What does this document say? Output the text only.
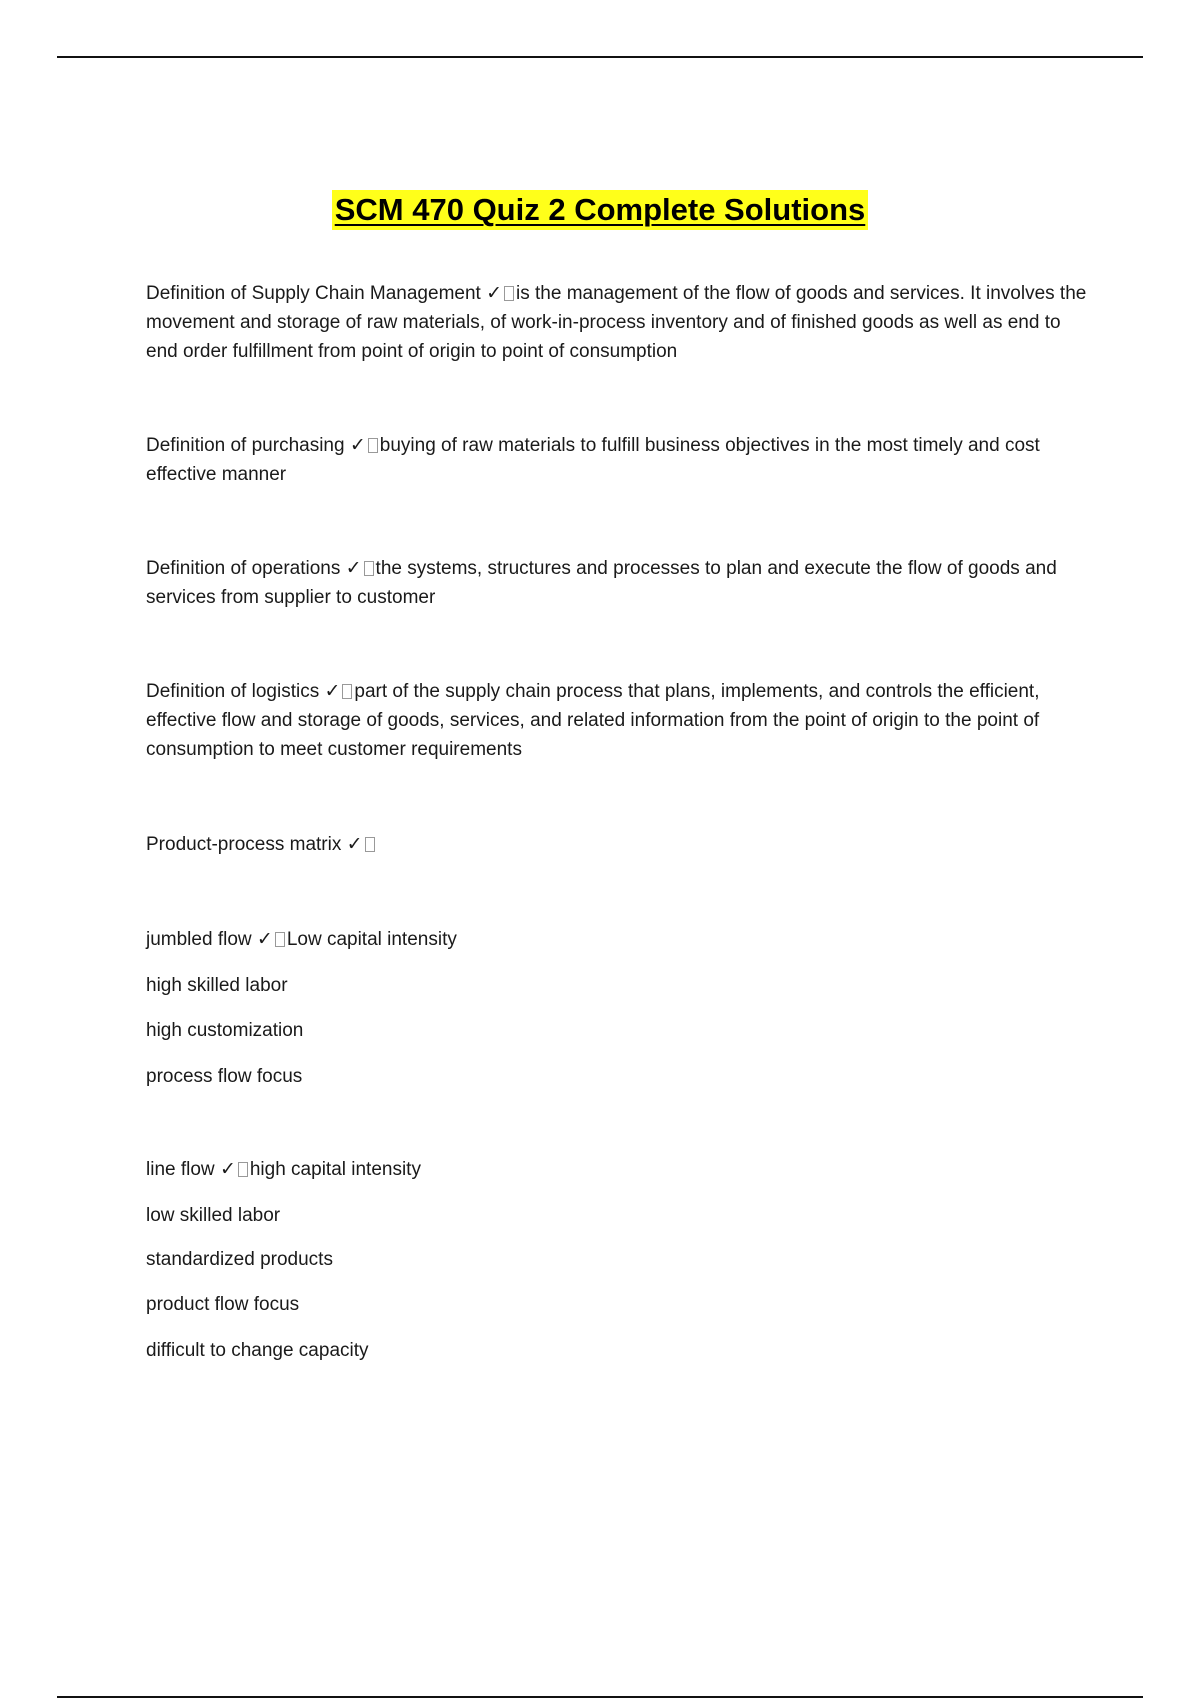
SCM 470 Quiz 2 Complete Solutions
Definition of Supply Chain Management ✓ is the management of the flow of goods and services. It involves the movement and storage of raw materials, of work-in-process inventory and of finished goods as well as end to end order fulfillment from point of origin to point of consumption
Definition of purchasing ✓ buying of raw materials to fulfill business objectives in the most timely and cost effective manner
Definition of operations ✓ the systems, structures and processes to plan and execute the flow of goods and services from supplier to customer
Definition of logistics ✓ part of the supply chain process that plans, implements, and controls the efficient, effective flow and storage of goods, services, and related information from the point of origin to the point of consumption to meet customer requirements
Product-process matrix ✓
jumbled flow ✓ Low capital intensity
high skilled labor
high customization
process flow focus
line flow ✓ high capital intensity
low skilled labor
standardized products
product flow focus
difficult to change capacity
